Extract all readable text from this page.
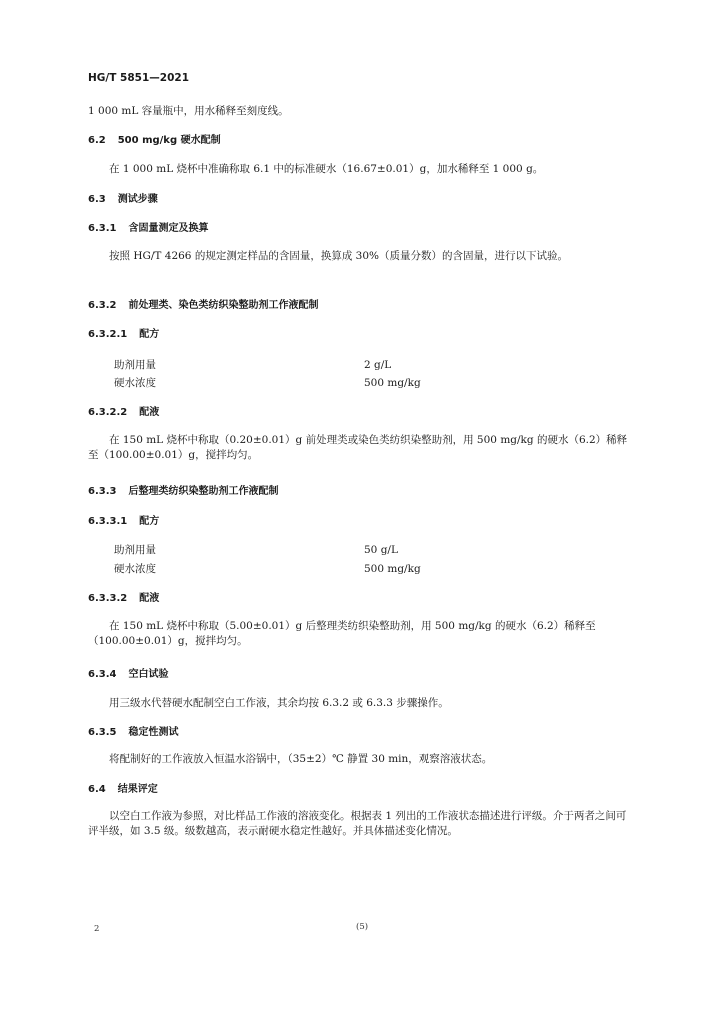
HG/T 5851—2021

1 000 mL 容量瓶中，用水稀释至刻度线。

6.2 500 mg/kg 硬水配制

在 1 000 mL 烧杯中准确称取 6.1 中的标准硬水（16.67±0.01）g，加水稀释至 1 000 g。

6.3 测试步骤
6.3.1 含固量测定及换算

按照 HG/T 4266 的规定测定样品的含固量，换算成 30%（质量分数）的含固量，进行以下试验。

6.3.2 前处理类、染色类纺织染整助剂工作液配制
6.3.2.1 配方
助剂用量	2 g/L
硬水浓度	500 mg/kg
6.3.2.2 配液

在 150 mL 烧杯中称取（0.20±0.01）g 前处理类或染色类纺织染整助剂，用 500 mg/kg 的硬水（6.2）稀释至（100.00±0.01）g，搅拌均匀。

6.3.3 后整理类纺织染整助剂工作液配制
6.3.3.1 配方
助剂用量	50 g/L
硬水浓度	500 mg/kg
6.3.3.2 配液

在 150 mL 烧杯中称取（5.00±0.01）g 后整理类纺织染整助剂，用 500 mg/kg 的硬水（6.2）稀释至（100.00±0.01）g，搅拌均匀。

6.3.4 空白试验

用三级水代替硬水配制空白工作液，其余均按 6.3.2 或 6.3.3 步骤操作。

6.3.5 稳定性测试

将配制好的工作液放入恒温水浴锅中，（35±2）℃ 静置 30 min，观察溶液状态。

6.4 结果评定

以空白工作液为参照，对比样品工作液的溶液变化。根据表 1 列出的工作液状态描述进行评级。介于两者之间可评半级，如 3.5 级。级数越高，表示耐硬水稳定性越好。并具体描述变化情况。

2	(5)
